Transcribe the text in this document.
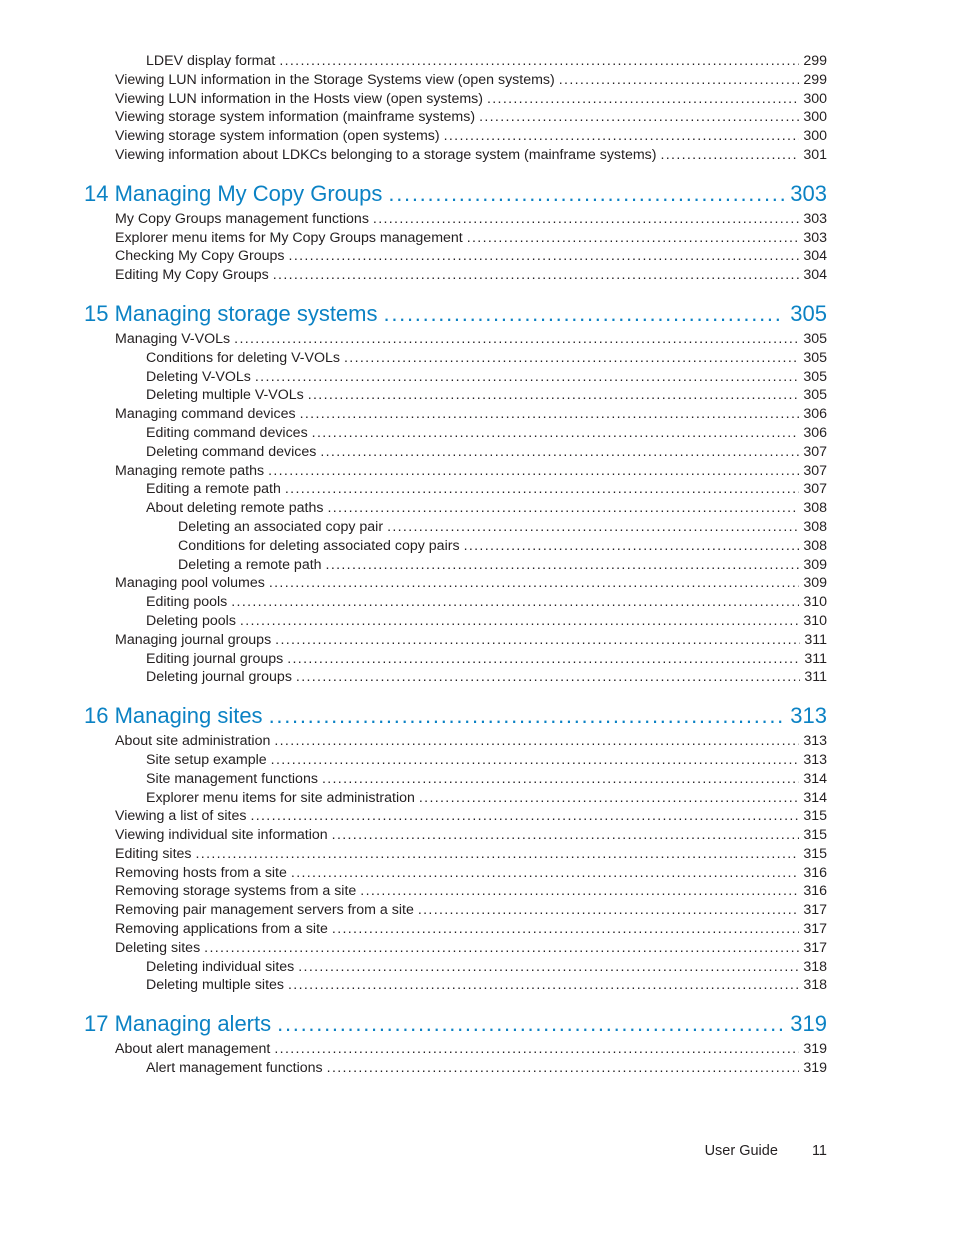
LDEV display format . . .	299
Viewing LUN information in the Storage Systems view (open systems) . . .	299
Viewing LUN information in the Hosts view (open systems) . . .	300
Viewing storage system information (mainframe systems) . . .	300
Viewing storage system information (open systems) . . .	300
Viewing information about LDKCs belonging to a storage system (mainframe systems) . . .	301
14 Managing My Copy Groups . . .	303
My Copy Groups management functions . . .	303
Explorer menu items for My Copy Groups management . . .	303
Checking My Copy Groups . . .	304
Editing My Copy Groups . . .	304
15 Managing storage systems . . .	305
Managing V-VOLs . . .	305
Conditions for deleting V-VOLs . . .	305
Deleting V-VOLs . . .	305
Deleting multiple V-VOLs . . .	305
Managing command devices . . .	306
Editing command devices . . .	306
Deleting command devices . . .	307
Managing remote paths . . .	307
Editing a remote path . . .	307
About deleting remote paths . . .	308
Deleting an associated copy pair . . .	308
Conditions for deleting associated copy pairs . . .	308
Deleting a remote path . . .	309
Managing pool volumes . . .	309
Editing pools . . .	310
Deleting pools . . .	310
Managing journal groups . . .	311
Editing journal groups . . .	311
Deleting journal groups . . .	311
16 Managing sites . . .	313
About site administration . . .	313
Site setup example . . .	313
Site management functions . . .	314
Explorer menu items for site administration . . .	314
Viewing a list of sites . . .	315
Viewing individual site information . . .	315
Editing sites . . .	315
Removing hosts from a site . . .	316
Removing storage systems from a site . . .	316
Removing pair management servers from a site . . .	317
Removing applications from a site . . .	317
Deleting sites . . .	317
Deleting individual sites . . .	318
Deleting multiple sites . . .	318
17 Managing alerts . . .	319
About alert management . . .	319
Alert management functions . . .	319
User Guide 11
